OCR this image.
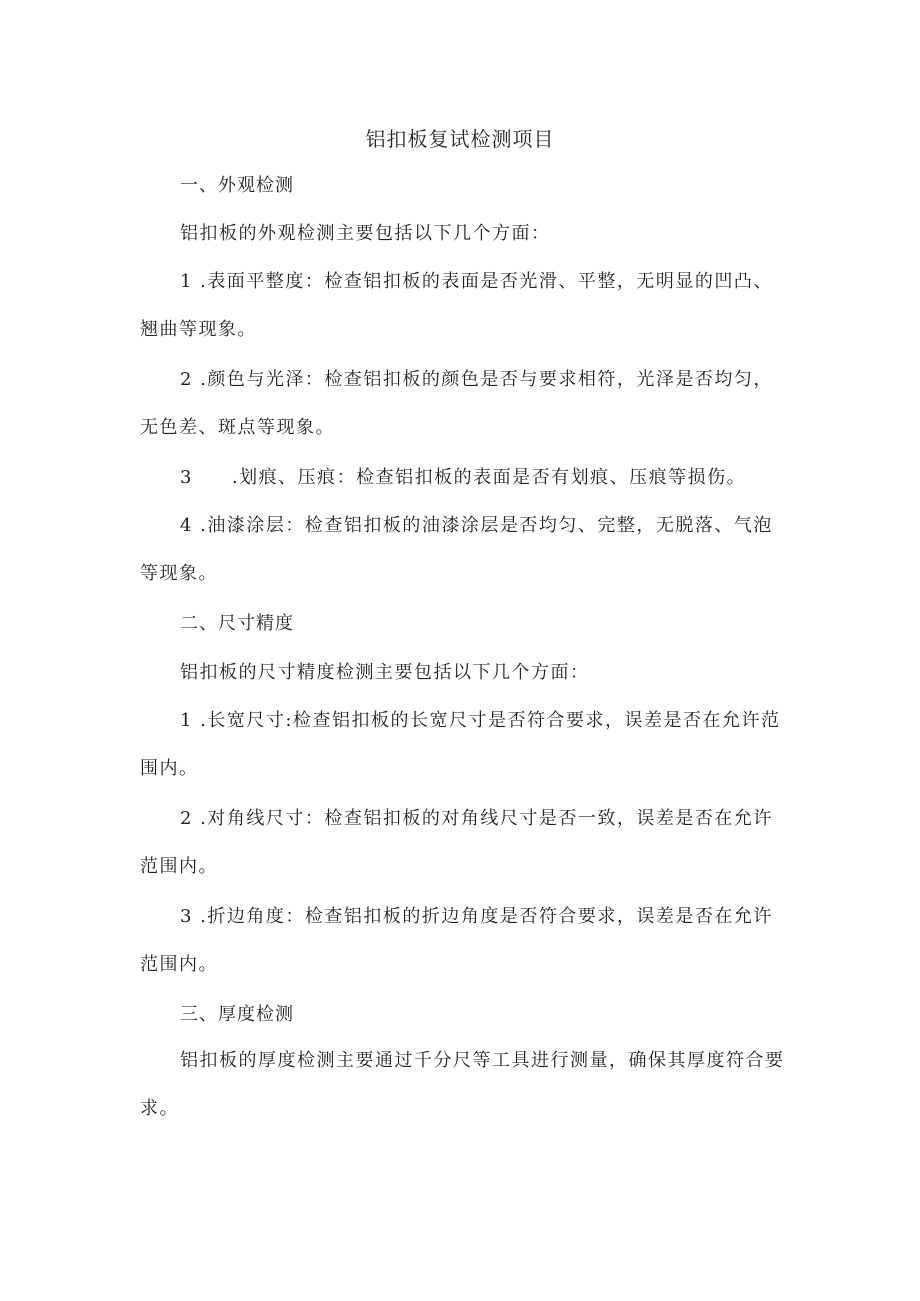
铝扣板复试检测项目
一、外观检测

铝扣板的外观检测主要包括以下几个方面：

1 .表面平整度：检查铝扣板的表面是否光滑、平整，无明显的凹凸、翘曲等现象。

2 .颜色与光泽：检查铝扣板的颜色是否与要求相符，光泽是否均匀，无色差、斑点等现象。

3　　.划痕、压痕：检查铝扣板的表面是否有划痕、压痕等损伤。

4 .油漆涂层：检查铝扣板的油漆涂层是否均匀、完整，无脱落、气泡等现象。

二、尺寸精度

铝扣板的尺寸精度检测主要包括以下几个方面：

1 .长宽尺寸:检查铝扣板的长宽尺寸是否符合要求，误差是否在允许范围内。

2 .对角线尺寸：检查铝扣板的对角线尺寸是否一致，误差是否在允许范围内。

3 .折边角度：检查铝扣板的折边角度是否符合要求，误差是否在允许范围内。

三、厚度检测

铝扣板的厚度检测主要通过千分尺等工具进行测量，确保其厚度符合要求。
